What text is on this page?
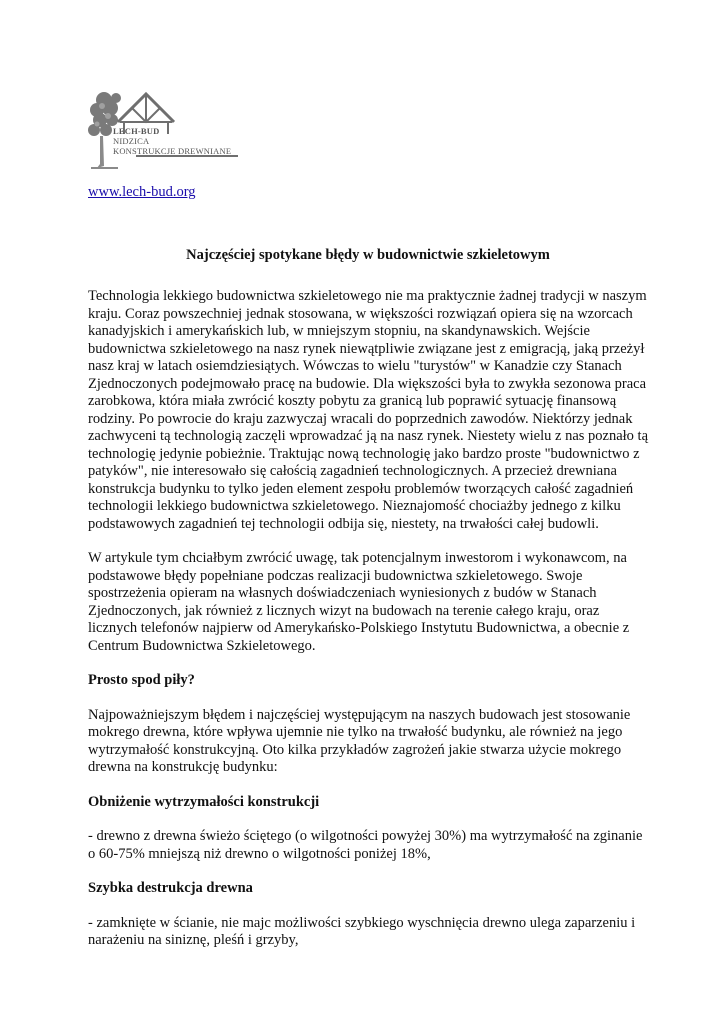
LECH-BUD
NIDZICA
KONSTRUKCJE DREWNIANE
www.lech-bud.org
Najczęściej spotykane błędy w budownictwie szkieletowym

Technologia lekkiego budownictwa szkieletowego nie ma praktycznie żadnej tradycji w naszym kraju. Coraz powszechniej jednak stosowana, w większości rozwiązań opiera się na wzorcach kanadyjskich i amerykańskich lub, w mniejszym stopniu, na skandynawskich. Wejście budownictwa szkieletowego na nasz rynek niewątpliwie związane jest z emigracją, jaką przeżył nasz kraj w latach osiemdziesiątych. Wówczas to wielu "turystów" w Kanadzie czy Stanach Zjednoczonych podejmowało pracę na budowie. Dla większości była to zwykła sezonowa praca zarobkowa, która miała zwrócić koszty pobytu za granicą lub poprawić sytuację finansową rodziny. Po powrocie do kraju zazwyczaj wracali do poprzednich zawodów. Niektórzy jednak zachwyceni tą technologią zaczęli wprowadzać ją na nasz rynek. Niestety wielu z nas poznało tą technologię jedynie pobieżnie. Traktując nową technologię jako bardzo proste "budownictwo z patyków", nie interesowało się całością zagadnień technologicznych. A przecież drewniana konstrukcja budynku to tylko jeden element zespołu problemów tworzących całość zagadnień technologii lekkiego budownictwa szkieletowego. Nieznajomość chociażby jednego z kilku podstawowych zagadnień tej technologii odbija się, niestety, na trwałości całej budowli.

W artykule tym chciałbym zwrócić uwagę, tak potencjalnym inwestorom i wykonawcom, na podstawowe błędy popełniane podczas realizacji budownictwa szkieletowego. Swoje spostrzeżenia opieram na własnych doświadczeniach wyniesionych z budów w Stanach Zjednoczonych, jak również z licznych wizyt na budowach na terenie całego kraju, oraz licznych telefonów najpierw od Amerykańsko-Polskiego Instytutu Budownictwa, a obecnie z Centrum Budownictwa Szkieletowego.

Prosto spod piły?

Najpoważniejszym błędem i najczęściej występującym na naszych budowach jest stosowanie mokrego drewna, które wpływa ujemnie nie tylko na trwałość budynku, ale również na jego wytrzymałość konstrukcyjną. Oto kilka przykładów zagrożeń jakie stwarza użycie mokrego drewna na konstrukcję budynku:

Obniżenie wytrzymałości konstrukcji

- drewno z drewna świeżo ściętego (o wilgotności powyżej 30%) ma wytrzymałość na zginanie o 60-75% mniejszą niż drewno o wilgotności poniżej 18%,

Szybka destrukcja drewna

- zamknięte w ścianie, nie majc możliwości szybkiego wyschnięcia drewno ulega zaparzeniu i narażeniu na siniznę, pleśń i grzyby,
